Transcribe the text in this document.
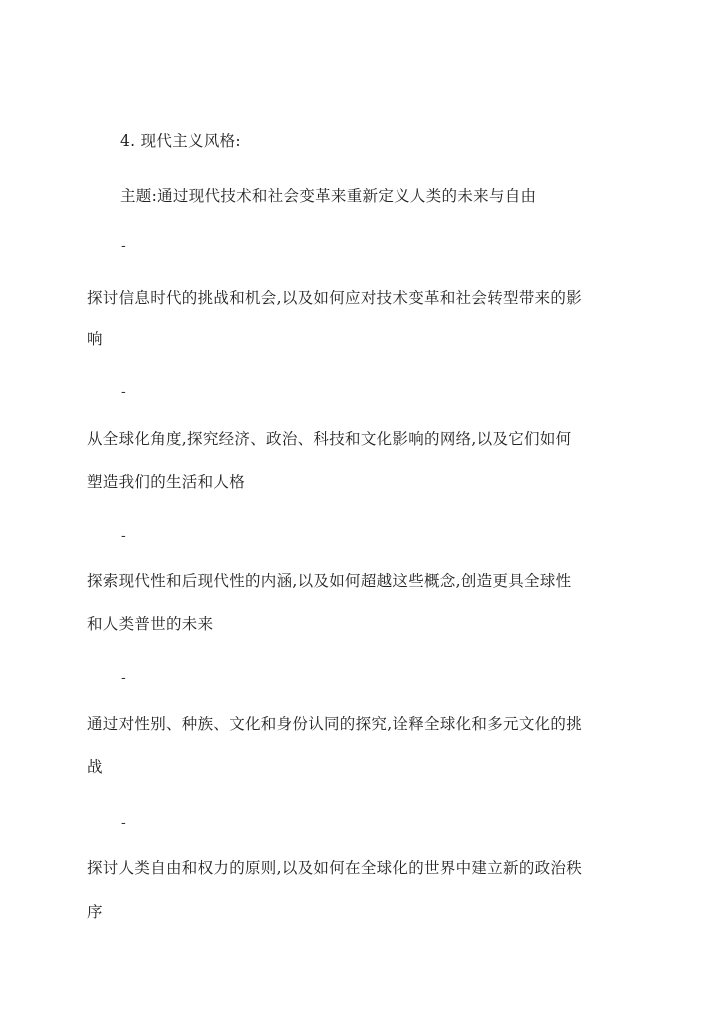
4. 现代主义风格:
主题:通过现代技术和社会变革来重新定义人类的未来与自由
-
探讨信息时代的挑战和机会,以及如何应对技术变革和社会转型带来的影
响
-
从全球化角度,探究经济、政治、科技和文化影响的网络,以及它们如何
塑造我们的生活和人格
-
探索现代性和后现代性的内涵,以及如何超越这些概念,创造更具全球性
和人类普世的未来
-
通过对性别、种族、文化和身份认同的探究,诠释全球化和多元文化的挑
战
-
探讨人类自由和权力的原则,以及如何在全球化的世界中建立新的政治秩
序
